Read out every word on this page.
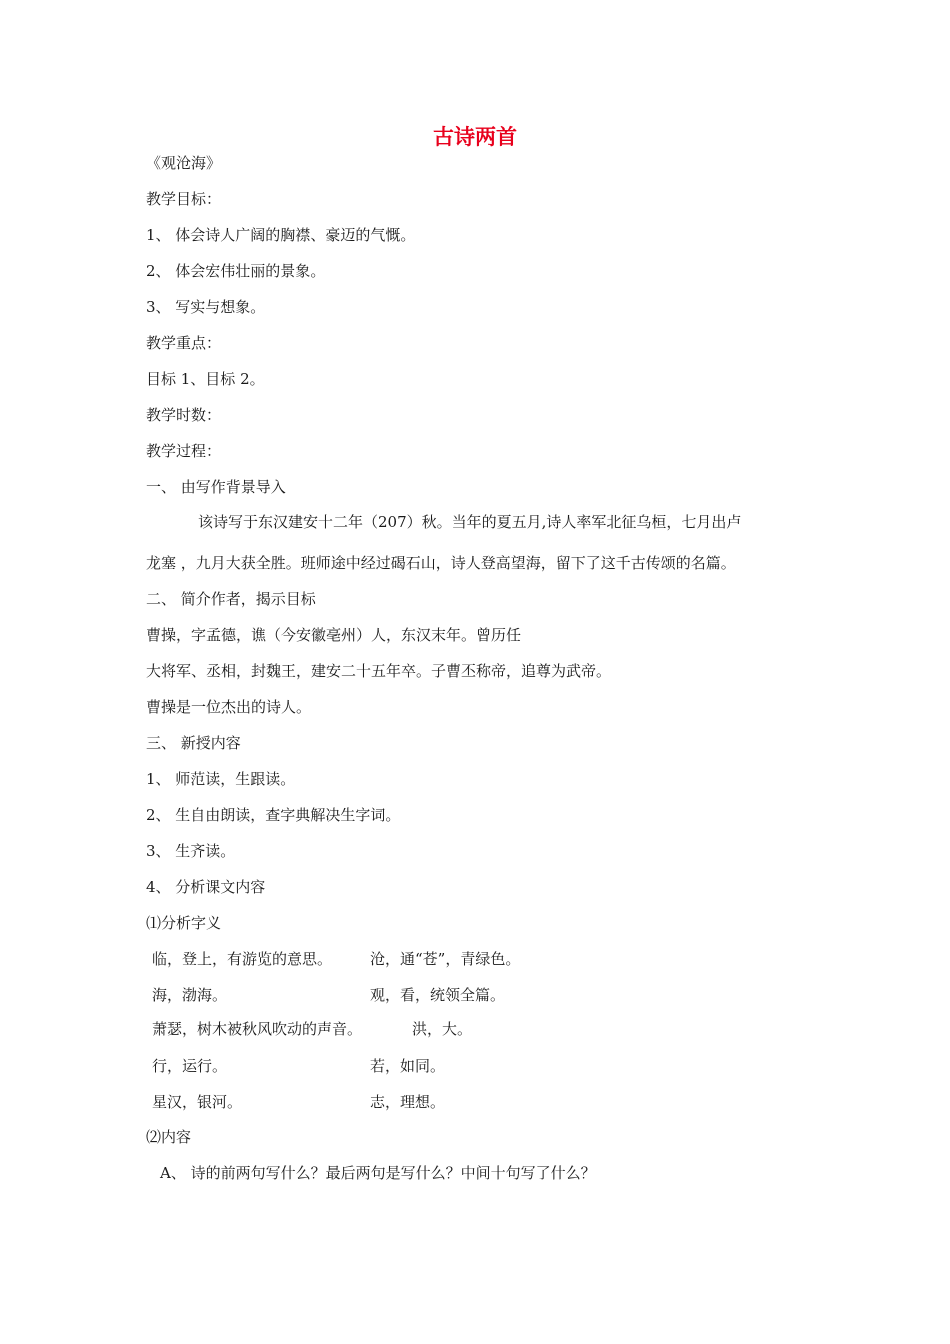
古诗两首
《观沧海》
教学目标：
1、 体会诗人广阔的胸襟、豪迈的气慨。
2、 体会宏伟壮丽的景象。
3、 写实与想象。
教学重点：
目标 1、目标 2。
教学时数：
教学过程：
一、 由写作背景导入
该诗写于东汉建安十二年（207）秋。当年的夏五月,诗人率军北征乌桓，七月出卢
龙塞 ，九月大获全胜。班师途中经过碣石山，诗人登高望海，留下了这千古传颂的名篇。
二、 简介作者，揭示目标
曹操，字孟德，谯（今安徽亳州）人，东汉末年。曾历任
大将军、丞相，封魏王，建安二十五年卒。子曹丕称帝，追尊为武帝。
曹操是一位杰出的诗人。
三、 新授内容
1、 师范读，生跟读。
2、 生自由朗读，查字典解决生字词。
3、 生齐读。
4、 分析课文内容
⑴分析字义
临，登上，有游览的意思。	沧，通“苍”，青绿色。
海，渤海。	观，看，统领全篇。
萧瑟，树木被秋风吹动的声音。	洪，大。
行，运行。	若，如同。
星汉，银河。	志，理想。
⑵内容
A、 诗的前两句写什么？最后两句是写什么？中间十句写了什么？
